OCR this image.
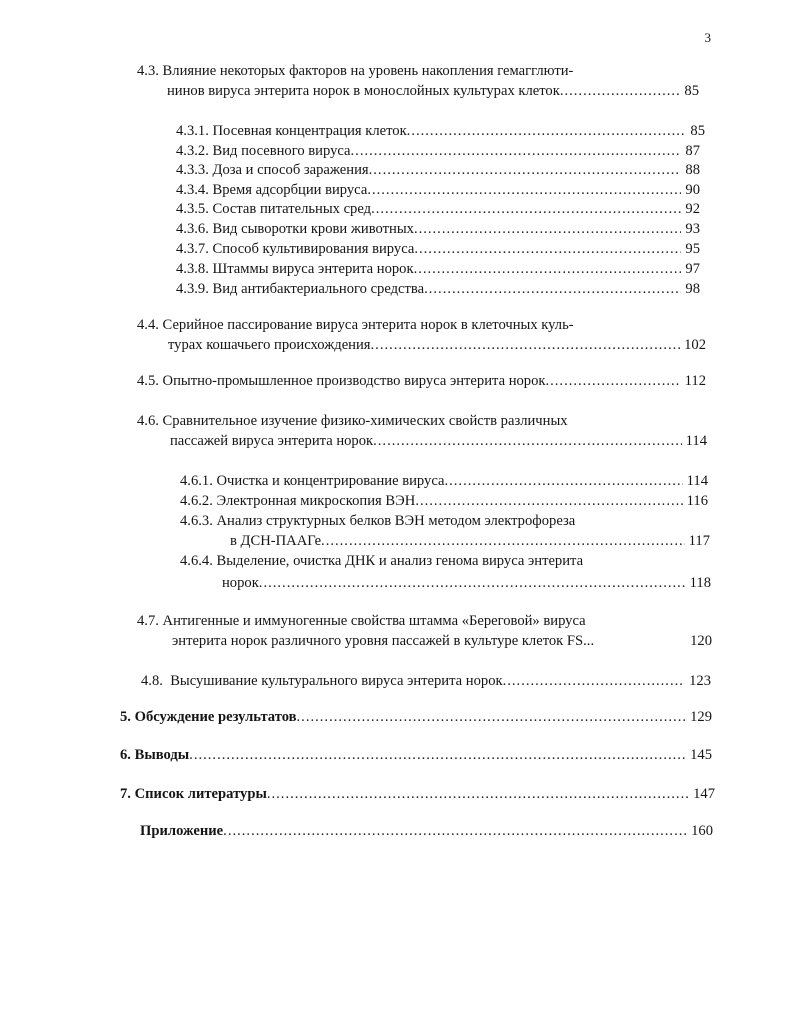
3
4.3. Влияние некоторых факторов на уровень накопления гемагглюти-
нинов вируса энтерита норок в монослойных культурах клеток .....	85
4.3.1. Посевная концентрация клеток .....	85
4.3.2. Вид посевного вируса .....	87
4.3.3. Доза и способ заражения .....	88
4.3.4. Время адсорбции вируса .....	90
4.3.5. Состав питательных сред .....	92
4.3.6. Вид сыворотки крови животных .....	93
4.3.7. Способ культивирования вируса .....	95
4.3.8. Штаммы вируса энтерита норок .....	97
4.3.9. Вид антибактериального средства .....	98
4.4. Серийное пассирование вируса энтерита норок в клеточных куль-
турах кошачьего происхождения .....	102
4.5. Опытно-промышленное производство вируса энтерита норок .....	112
4.6. Сравнительное изучение физико-химических свойств различных
пассажей вируса энтерита норок .....	114
4.6.1. Очистка и концентрирование вируса .....	114
4.6.2. Электронная микроскопия ВЭН .....	116
4.6.3. Анализ структурных белков ВЭН методом электрофореза
в ДСН-ПААГе .....	117
4.6.4. Выделение, очистка ДНК и анализ генома вируса энтерита
норок .....	118
4.7. Антигенные и иммуногенные свойства штамма «Береговой» вируса
энтерита норок различного уровня пассажей в культуре клеток FS...	120
4.8. Высушивание культурального вируса энтерита норок .....	123
5. Обсуждение результатов .....	129
6. Выводы .....	145
7. Список литературы .....	147
Приложение .....	160
